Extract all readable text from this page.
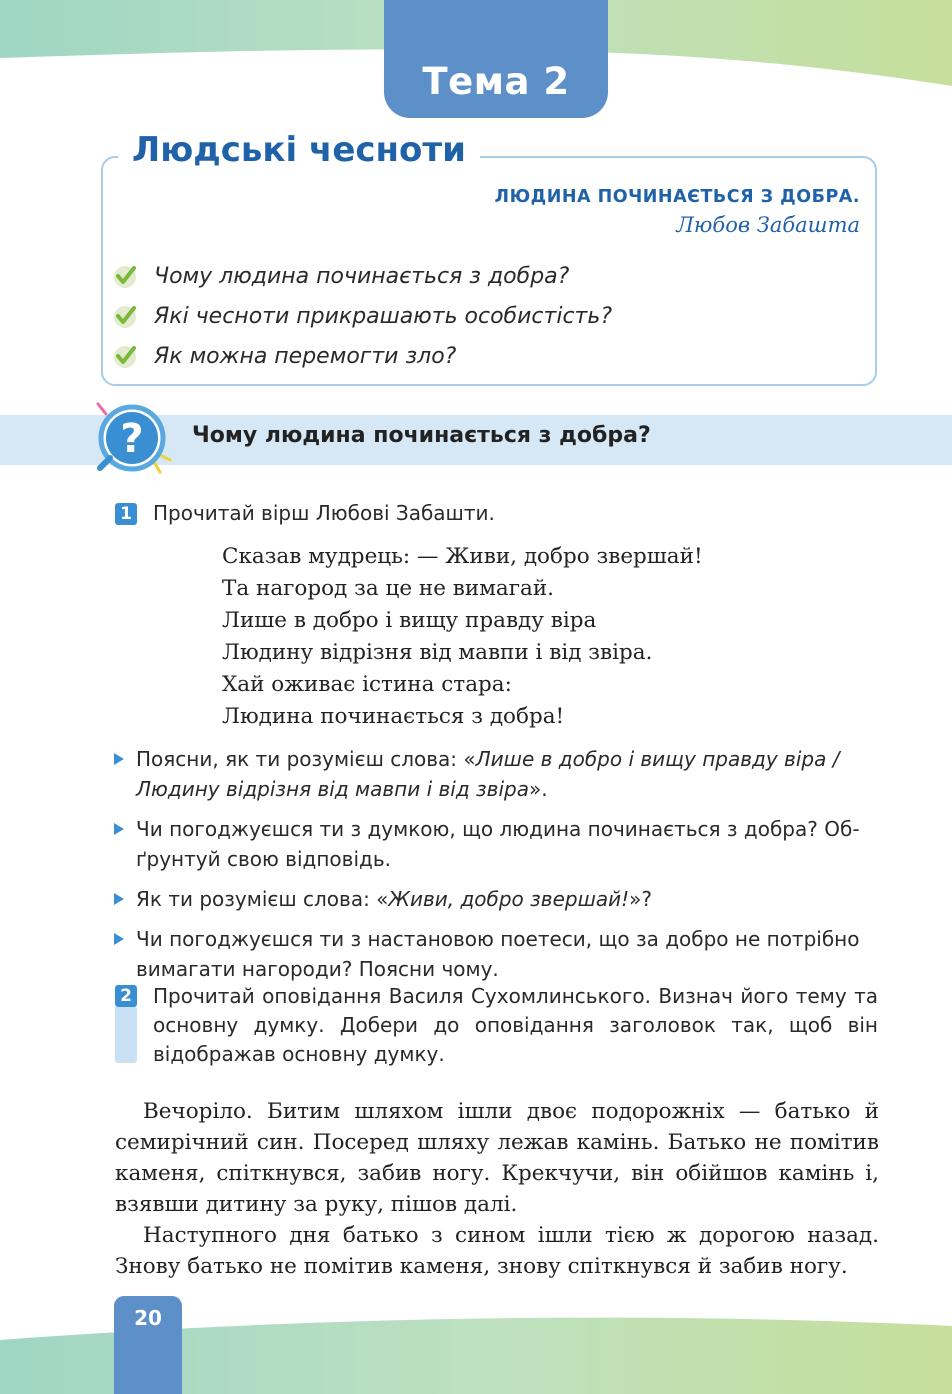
Тема 2
Людські чесноти
ЛЮДИНА ПОЧИНАЄТЬСЯ З ДОБРА.
Любов Забашта
Чому людина починається з добра?
Які чесноти прикрашають особистість?
Як можна перемогти зло?
? Чому людина починається з добра?
1 Прочитай вірш Любові Забашти.
Сказав мудрець: — Живи, добро звершай!
Та нагород за це не вимагай.
Лише в добро і вищу правду віра
Людину відрізня від мавпи і від звіра.
Хай оживає істина стара:
Людина починається з добра!
Поясни, як ти розумієш слова: «Лише в добро і вищу правду віра / Людину відрізня від мавпи і від звіра».
Чи погоджуєшся ти з думкою, що людина починається з добра? Обґрунтуй свою відповідь.
Як ти розумієш слова: «Живи, добро звершай!»?
Чи погоджуєшся ти з настановою поетеси, що за добро не потрібно вимагати нагороди? Поясни чому.
2 Прочитай оповідання Василя Сухомлинського. Визнач його тему та основну думку. Добери до оповідання заголовок так, щоб він відображав основну думку.

Вечоріло. Битим шляхом ішли двоє подорожніх — батько й семирічний син. Посеред шляху лежав камінь. Батько не помітив каменя, спіткнувся, забив ногу. Крекчучи, він обійшов камінь і, взявши дитину за руку, пішов далі.

Наступного дня батько з сином ішли тією ж дорогою назад. Знову батько не помітив каменя, знову спіткнувся й забив ногу.

20
